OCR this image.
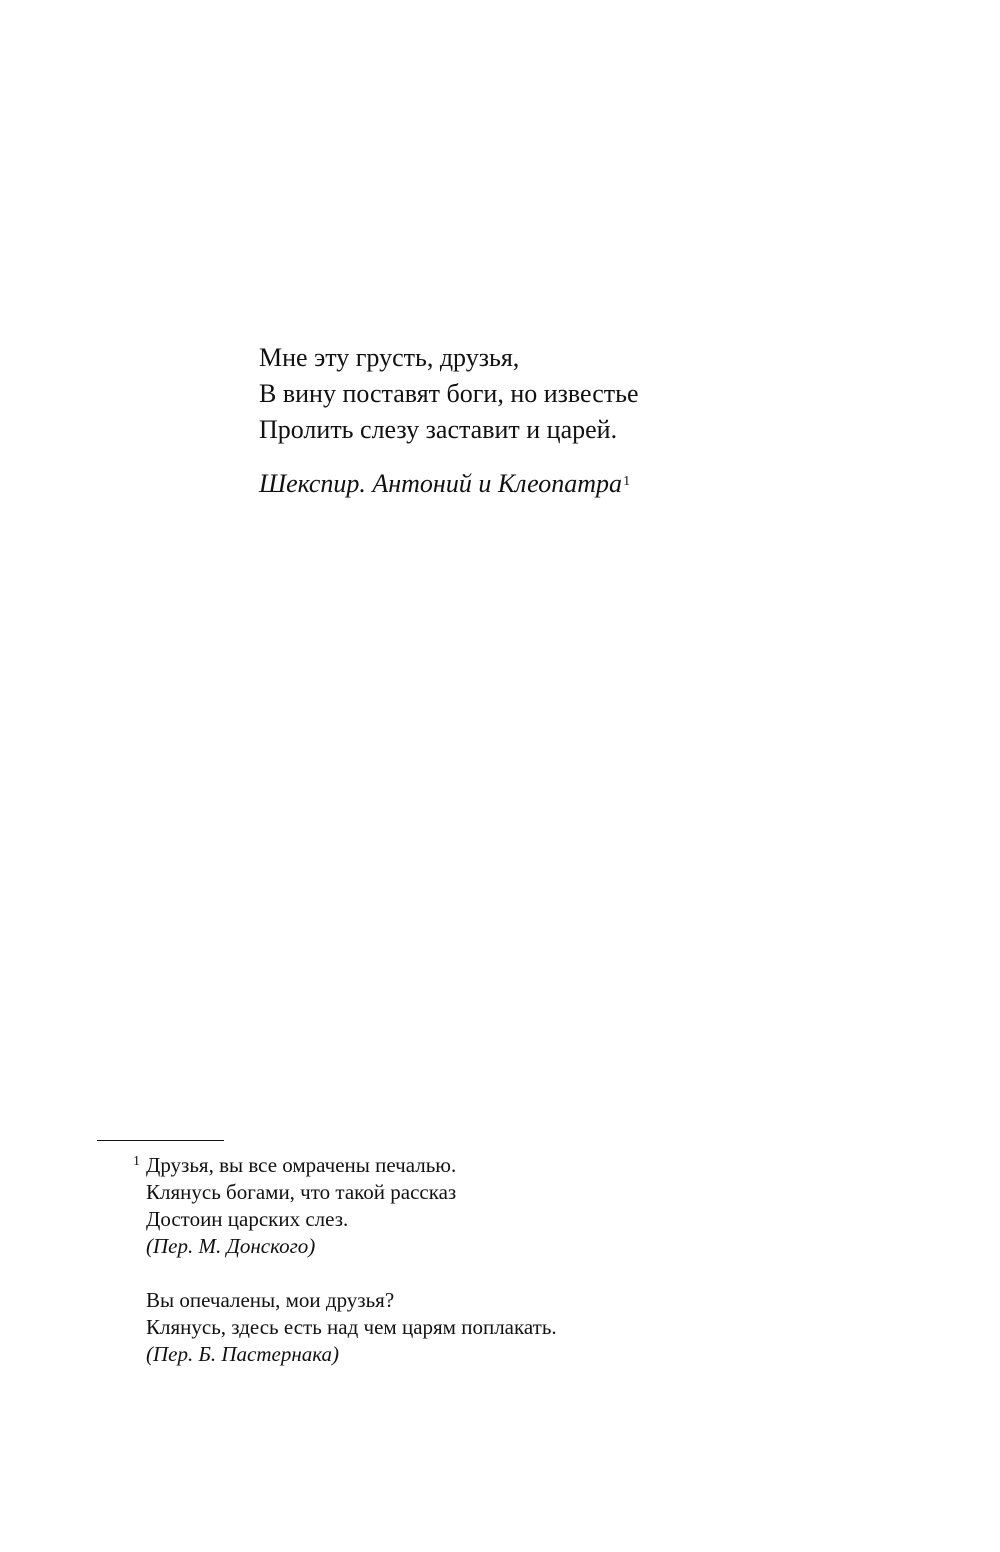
Мне эту грусть, друзья,
В вину поставят боги, но известье
Пролить слезу заставит и царей.
Шекспир. Антоний и Клеопатра$^1$
1 Друзья, вы все омрачены печалью.
Клянусь богами, что такой рассказ
Достоин царских слез.
(Пер. М. Донского)
Вы опечалены, мои друзья?
Клянусь, здесь есть над чем царям поплакать.
(Пер. Б. Пастернака)
